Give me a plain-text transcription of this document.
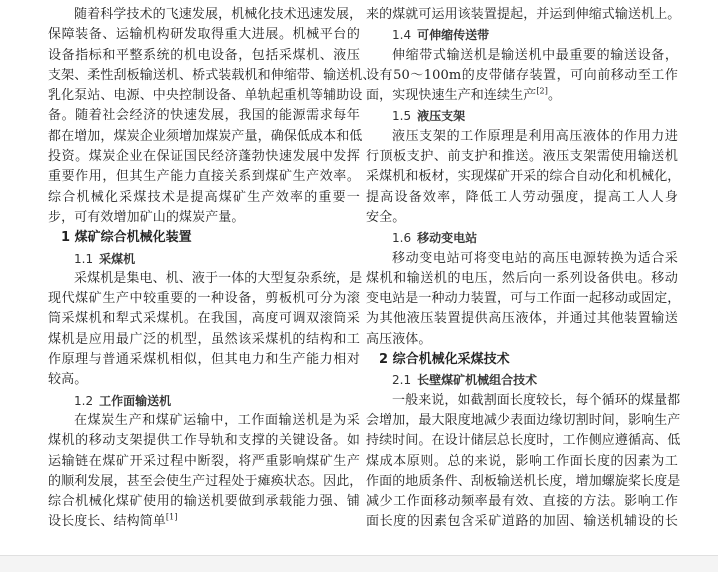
随着科学技术的飞速发展，机械化技术迅速发展，
保障装备、运输机构研发取得重大进展。机械平台的
设备指标和平整系统的机电设备，包括采煤机、液压
支架、柔性刮板输送机、桥式装载机和伸缩带、输送机、
乳化泵站、电源、中央控制设备、单轨起重机等辅助设
备。随着社会经济的快速发展，我国的能源需求每年
都在增加，煤炭企业须增加煤炭产量，确保低成本和低
投资。煤炭企业在保证国民经济蓬勃快速发展中发挥
重要作用，但其生产能力直接关系到煤矿生产效率。
综合机械化采煤技术是提高煤矿生产效率的重要一
步，可有效增加矿山的煤炭产量。
1 煤矿综合机械化装置
1.1 采煤机
采煤机是集电、机、液于一体的大型复杂系统，是
现代煤矿生产中较重要的一种设备，剪板机可分为滚
筒采煤机和犁式采煤机。在我国，高度可调双滚筒采
煤机是应用最广泛的机型，虽然该采煤机的结构和工
作原理与普通采煤机相似，但其电力和生产能力相对
较高。
1.2 工作面输送机
在煤炭生产和煤矿运输中，工作面输送机是为采
煤机的移动支架提供工作导轨和支撑的关键设备。如
运输链在煤矿开采过程中断裂，将严重影响煤矿生产
的顺利发展，甚至会使生产过程处于瘫痪状态。因此，
综合机械化煤矿使用的输送机要做到承载能力强、铺
设长度长、结构简单[1]
来的煤就可运用该装置提起，并运到伸缩式输送机上。
1.4 可伸缩传送带
伸缩带式输送机是输送机中最重要的输送设备，
设有50～100m的皮带储存装置，可向前移动至工作
面，实现快速生产和连续生产[2]。
1.5 液压支架
液压支架的工作原理是利用高压液体的作用力进
行顶板支护、前支护和推送。液压支架需使用输送机
采煤机和板材，实现煤矿开采的综合自动化和机械化，
提高设备效率，降低工人劳动强度，提高工人人身
安全。
1.6 移动变电站
移动变电站可将变电站的高压电源转换为适合采
煤机和输送机的电压，然后向一系列设备供电。移动
变电站是一种动力装置，可与工作面一起移动或固定，
为其他液压装置提供高压液体，并通过其他装置输送
高压液体。
2 综合机械化采煤技术
2.1 长壁煤矿机械组合技术
一般来说，如截割面长度较长，每个循环的煤量都
会增加，最大限度地减少表面边缘切割时间，影响生产
持续时间。在设计储层总长度时，工作侧应遵循高、低
煤成本原则。总的来说，影响工作面长度的因素为工
作面的地质条件、刮板输送机长度，增加螺旋桨长度是
减少工作面移动频率最有效、直接的方法。影响工作
面长度的因素包含采矿道路的加固、输送机辅设的长
